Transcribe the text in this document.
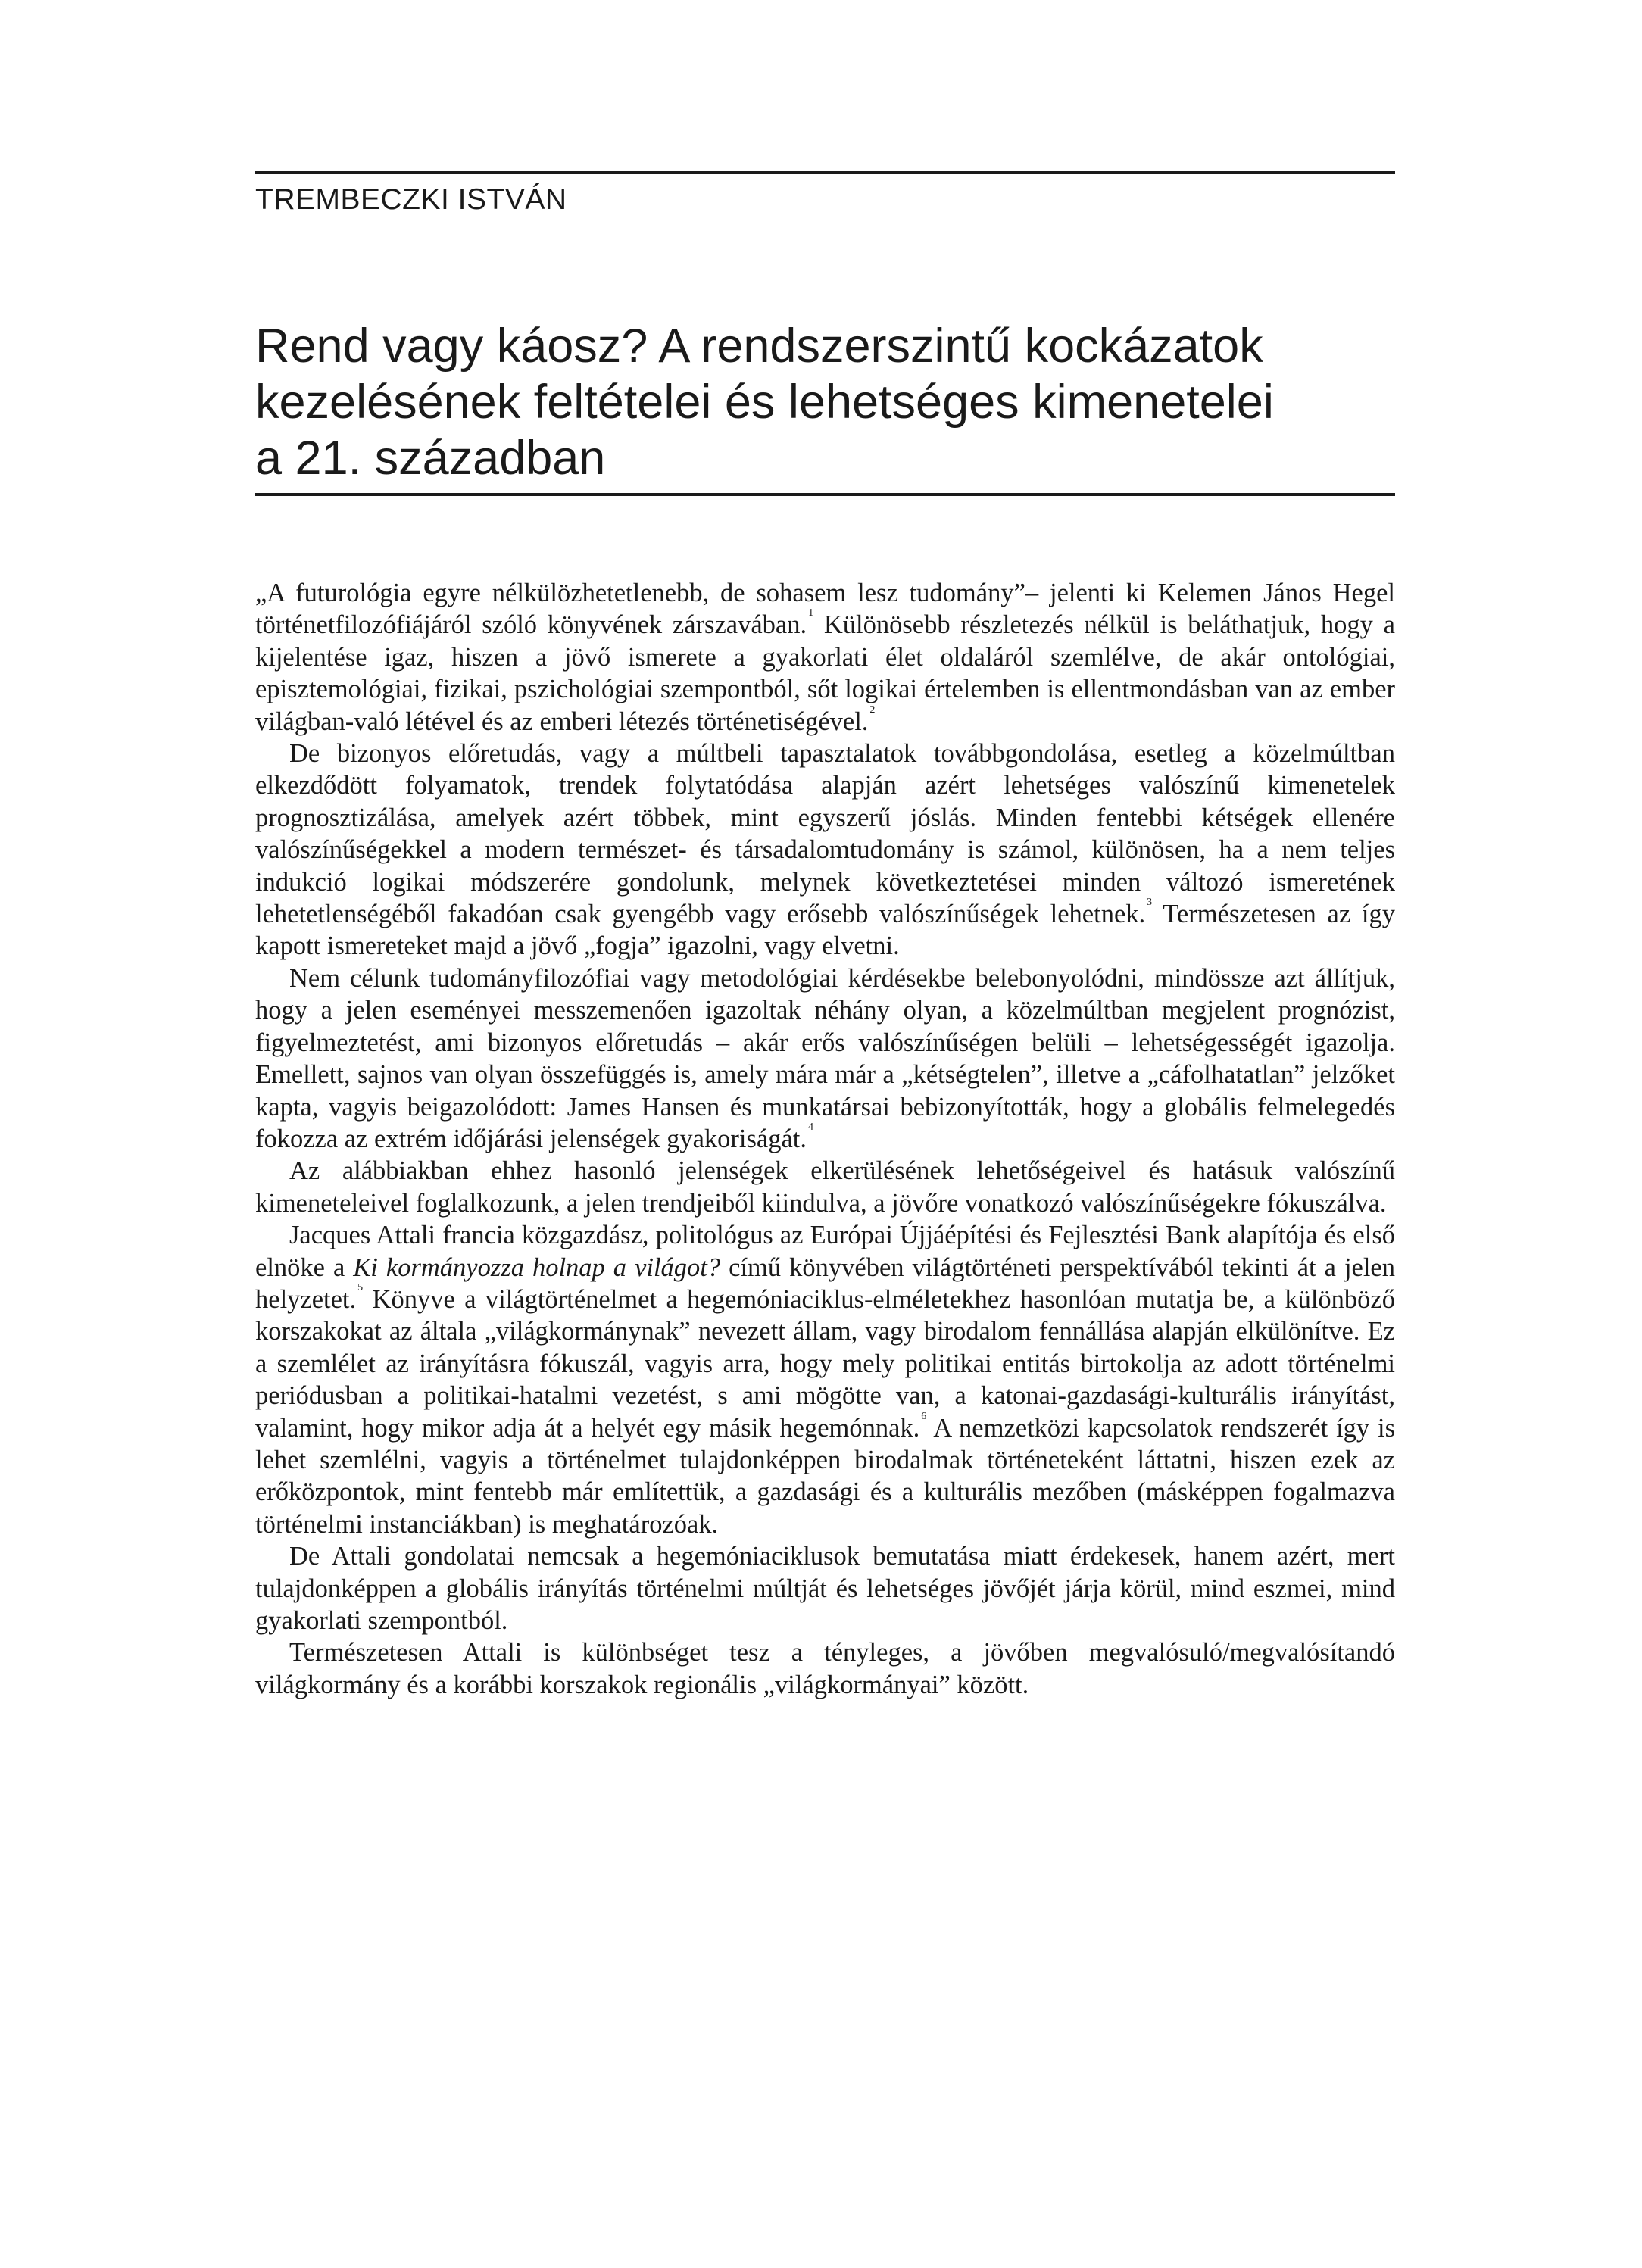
TREMBECZKI ISTVÁN
Rend vagy káosz? A rendszerszintű kockázatok
kezelésének feltételei és lehetséges kimenetelei
a 21. században

„A futurológia egyre nélkülözhetetlenebb, de sohasem lesz tudomány”– jelenti ki Kelemen János Hegel történetfilozófiájáról szóló könyvének zárszavában. $^1$ Különösebb részletezés nélkül is beláthatjuk, hogy a kijelentése igaz, hiszen a jövő ismerete a gyakorlati élet oldaláról szemlélve, de akár ontológiai, episztemológiai, fizikai, pszichológiai szempontból, sőt logikai értelemben is ellentmondásban van az ember világban-való létével és az emberi létezés történetiségével. $^2$

De bizonyos előretudás, vagy a múltbeli tapasztalatok továbbgondolása, esetleg a közelmúltban elkezdődött folyamatok, trendek folytatódása alapján azért lehetséges valószínű kimenetelek prognosztizálása, amelyek azért többek, mint egyszerű jóslás. Minden fentebbi kétségek ellenére valószínűségekkel a modern természet- és társadalomtudomány is számol, különösen, ha a nem teljes indukció logikai módszerére gondolunk, melynek következtetései minden változó ismeretének lehetetlenségéből fakadóan csak gyengébb vagy erősebb valószínűségek lehetnek. $^3$ Természetesen az így kapott ismereteket majd a jövő „fogja” igazolni, vagy elvetni.

Nem célunk tudományfilozófiai vagy metodológiai kérdésekbe belebonyolódni, mindössze azt állítjuk, hogy a jelen eseményei messzemenően igazoltak néhány olyan, a közelmúltban megjelent prognózist, figyelmeztetést, ami bizonyos előretudás – akár erős valószínűségen belüli – lehetségességét igazolja. Emellett, sajnos van olyan összefüggés is, amely mára már a „kétségtelen”, illetve a „cáfolhatatlan” jelzőket kapta, vagyis beigazolódott: James Hansen és munkatársai bebizonyították, hogy a globális felmelegedés fokozza az extrém időjárási jelenségek gyakoriságát. $^4$

Az alábbiakban ehhez hasonló jelenségek elkerülésének lehetőségeivel és hatásuk valószínű kimeneteleivel foglalkozunk, a jelen trendjeiből kiindulva, a jövőre vonatkozó valószínűségekre fókuszálva.

Jacques Attali francia közgazdász, politológus az Európai Újjáépítési és Fejlesztési Bank alapítója és első elnöke a Ki kormányozza holnap a világot? című könyvében világtörténeti perspektívából tekinti át a jelen helyzetet. $^5$ Könyve a világtörténelmet a hegemóniaciklus-elméletekhez hasonlóan mutatja be, a különböző korszakokat az általa „világkormánynak” nevezett állam, vagy birodalom fennállása alapján elkülönítve. Ez a szemlélet az irányításra fókuszál, vagyis arra, hogy mely politikai entitás birtokolja az adott történelmi periódusban a politikai-hatalmi vezetést, s ami mögötte van, a katonai-gazdasági-kulturális irányítást, valamint, hogy mikor adja át a helyét egy másik hegemónnak. $^6$ A nemzetközi kapcsolatok rendszerét így is lehet szemlélni, vagyis a történelmet tulajdonképpen birodalmak történeteként láttatni, hiszen ezek az erőközpontok, mint fentebb már említettük, a gazdasági és a kulturális mezőben (másképpen fogalmazva történelmi instanciákban) is meghatározóak.

De Attali gondolatai nemcsak a hegemóniaciklusok bemutatása miatt érdekesek, hanem azért, mert tulajdonképpen a globális irányítás történelmi múltját és lehetséges jövőjét járja körül, mind eszmei, mind gyakorlati szempontból.

Természetesen Attali is különbséget tesz a tényleges, a jövőben megvalósuló/megvalósítandó világkormány és a korábbi korszakok regionális „világkormányai” között.
